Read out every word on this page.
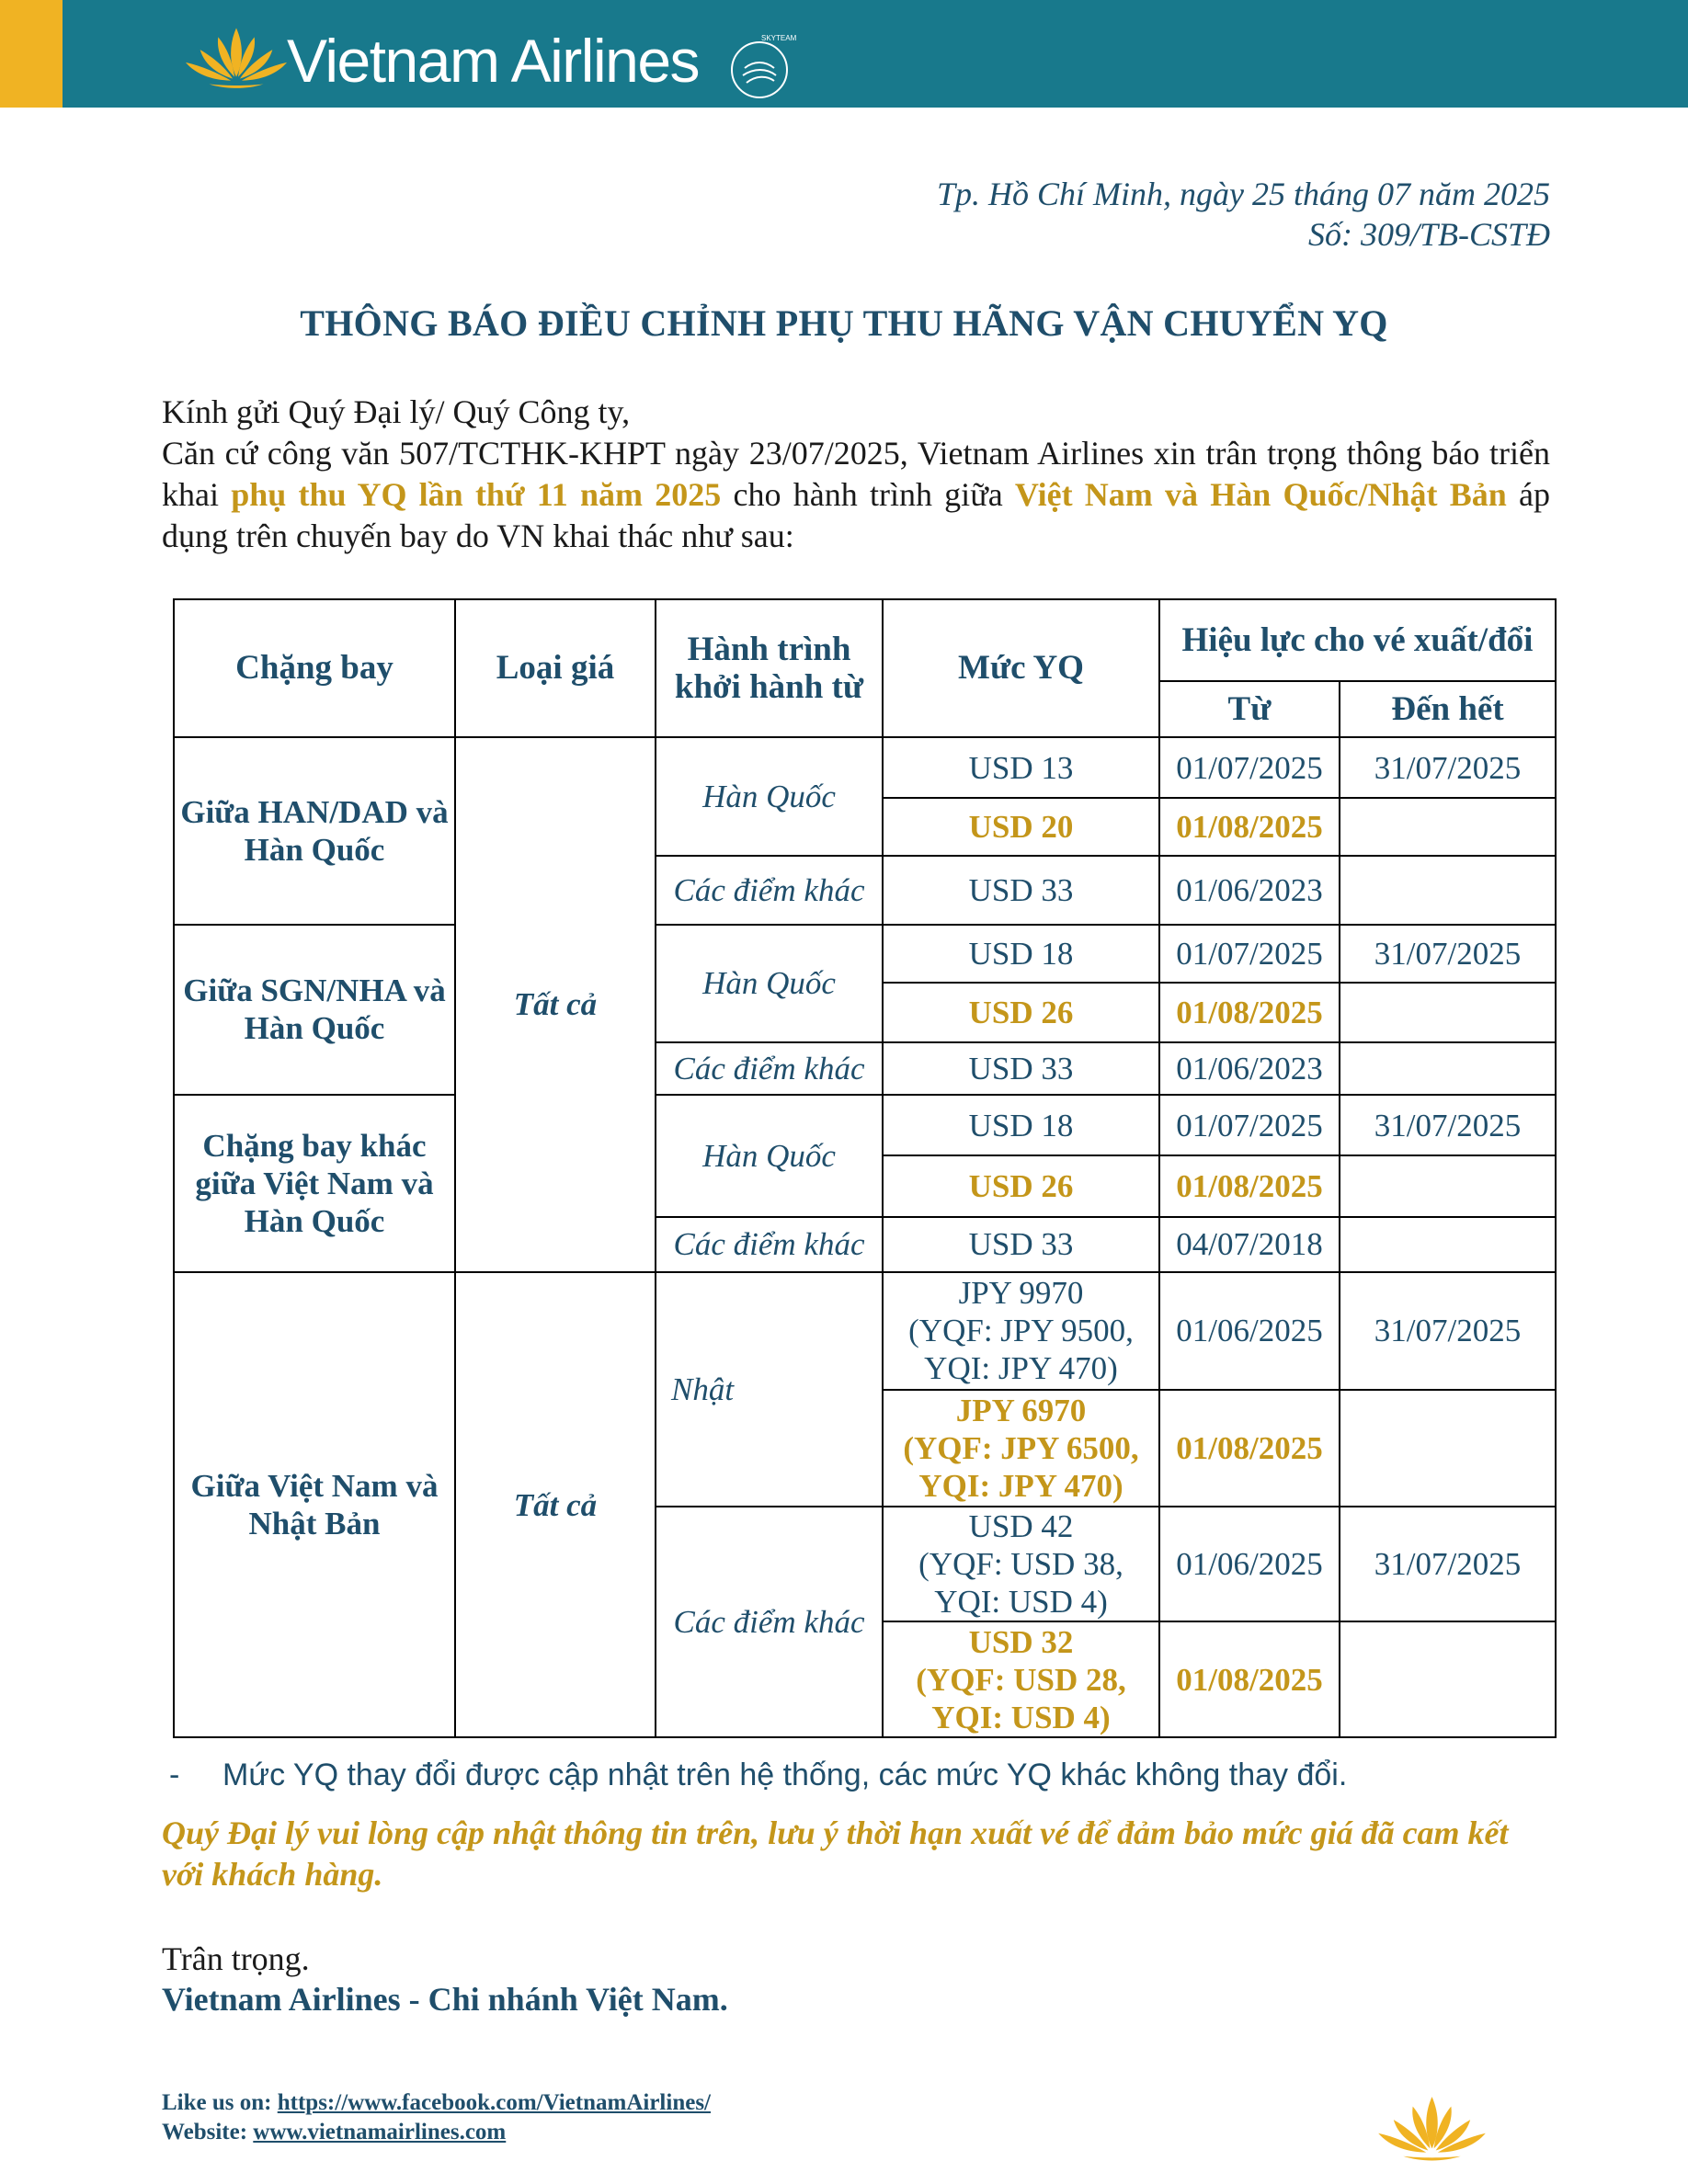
Vietnam Airlines	SKYTEAM
Tp. Hồ Chí Minh, ngày 25 tháng 07 năm 2025
Số: 309/TB-CSTĐ
THÔNG BÁO ĐIỀU CHỈNH PHỤ THU HÃNG VẬN CHUYỂN YQ

Kính gửi Quý Đại lý/ Quý Công ty,

Căn cứ công văn 507/TCTHK-KHPT ngày 23/07/2025, Vietnam Airlines xin trân trọng thông báo triển khai phụ thu YQ lần thứ 11 năm 2025 cho hành trình giữa Việt Nam và Hàn Quốc/Nhật Bản áp dụng trên chuyến bay do VN khai thác như sau:

Chặng bay	Loại giá	Hành trình khởi hành từ	Mức YQ	Hiệu lực cho vé xuất/đổi	
				Từ	Đến hết
Giữa HAN/DAD và Hàn Quốc	Tất cả	Hàn Quốc	USD 13	01/07/2025	31/07/2025
			USD 20	01/08/2025	
		Các điểm khác	USD 33	01/06/2023	
Giữa SGN/NHA và Hàn Quốc		Hàn Quốc	USD 18	01/07/2025	31/07/2025
			USD 26	01/08/2025	
		Các điểm khác	USD 33	01/06/2023	
Chặng bay khác giữa Việt Nam và Hàn Quốc		Hàn Quốc	USD 18	01/07/2025	31/07/2025
			USD 26	01/08/2025	
		Các điểm khác	USD 33	04/07/2018	
Giữa Việt Nam và Nhật Bản	Tất cả	Nhật	JPY 9970
(YQF: JPY 9500,
YQI: JPY 470)	01/06/2025	31/07/2025

			JPY 6970
(YQF: JPY 6500,
YQI: JPY 470)	01/08/2025	
		Các điểm khác	USD 42
(YQF: USD 38,
YQI: USD 4)	01/06/2025	31/07/2025

			USD 32
(YQF: USD 28,
YQI: USD 4)	01/08/2025	
- Mức YQ thay đổi được cập nhật trên hệ thống, các mức YQ khác không thay đổi.
Quý Đại lý vui lòng cập nhật thông tin trên, lưu ý thời hạn xuất vé để đảm bảo mức giá đã cam kết với khách hàng.
Trân trọng.
Vietnam Airlines - Chi nhánh Việt Nam.
Like us on: https://www.facebook.com/VietnamAirlines/
Website: www.vietnamairlines.com
